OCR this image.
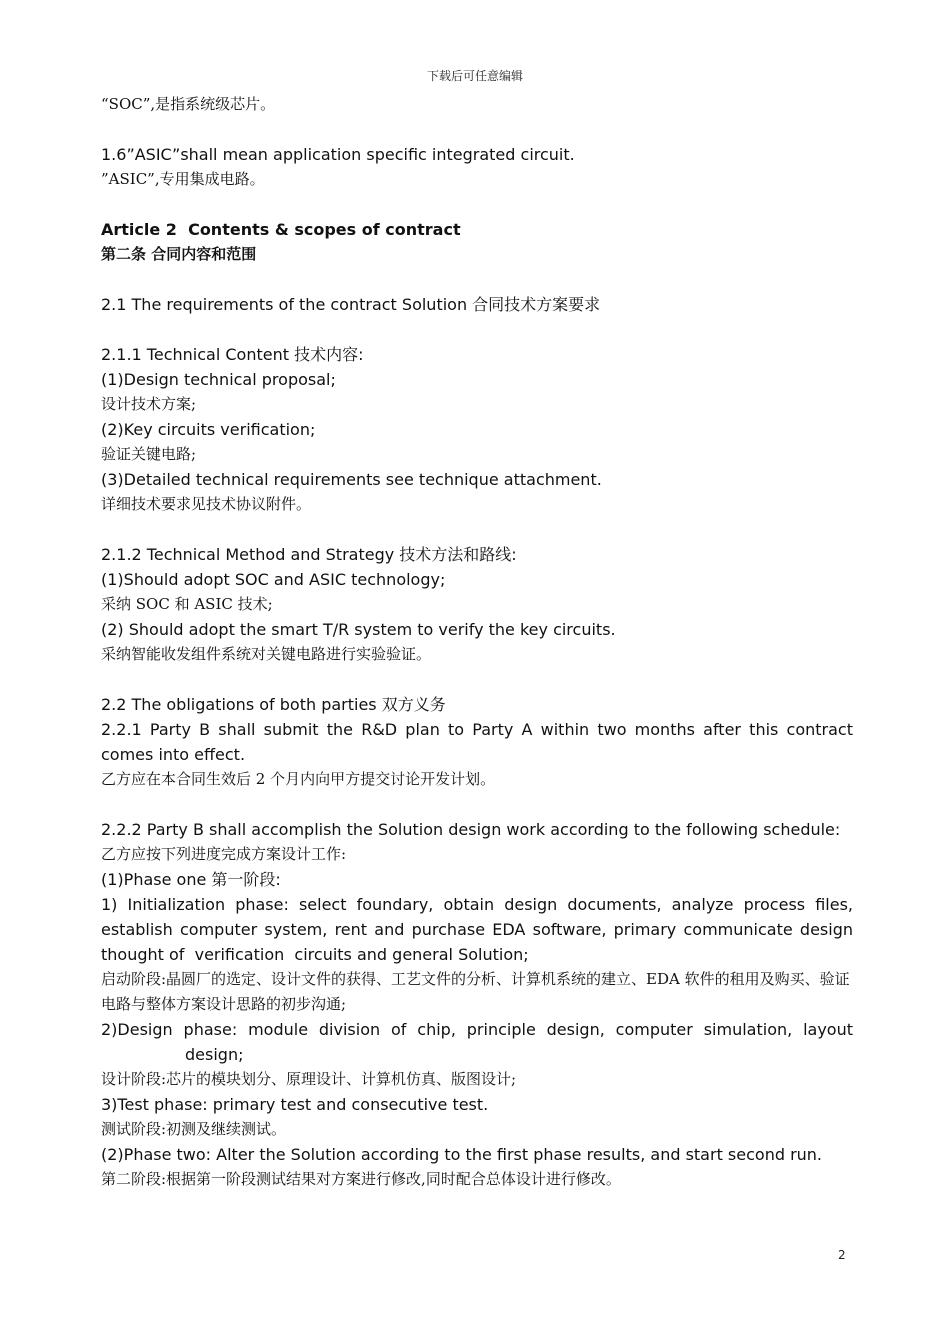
下载后可任意编辑
“SOC”,是指系统级芯片。
1.6”ASIC”shall mean application specific integrated circuit.
”ASIC”,专用集成电路。
Article 2  Contents & scopes of contract
第二条 合同内容和范围
2.1 The requirements of the contract Solution 合同技术方案要求
2.1.1 Technical Content 技术内容:
(1)Design technical proposal;
设计技术方案;
(2)Key circuits verification;
验证关键电路;
(3)Detailed technical requirements see technique attachment.
详细技术要求见技术协议附件。
2.1.2 Technical Method and Strategy 技术方法和路线:
(1)Should adopt SOC and ASIC technology;
采纳 SOC 和 ASIC 技术;
(2) Should adopt the smart T/R system to verify the key circuits.
采纳智能收发组件系统对关键电路进行实验验证。
2.2 The obligations of both parties 双方义务
2.2.1 Party B shall submit the R&D plan to Party A within two months after this contract comes into effect.
乙方应在本合同生效后 2 个月内向甲方提交讨论开发计划。
2.2.2 Party B shall accomplish the Solution design work according to the following schedule:
乙方应按下列进度完成方案设计工作:
(1)Phase one 第一阶段:
1) Initialization phase: select foundary, obtain design documents, analyze process files, establish computer system, rent and purchase EDA software, primary communicate design thought of  verification  circuits and general Solution;
启动阶段:晶圆厂的选定、设计文件的获得、工艺文件的分析、计算机系统的建立、EDA 软件的租用及购买、验证电路与整体方案设计思路的初步沟通;
2)Design phase: module division of chip, principle design, computer simulation, layout
design;
设计阶段:芯片的模块划分、原理设计、计算机仿真、版图设计;
3)Test phase: primary test and consecutive test.
测试阶段:初测及继续测试。
(2)Phase two: Alter the Solution according to the first phase results, and start second run.
第二阶段:根据第一阶段测试结果对方案进行修改,同时配合总体设计进行修改。
2
